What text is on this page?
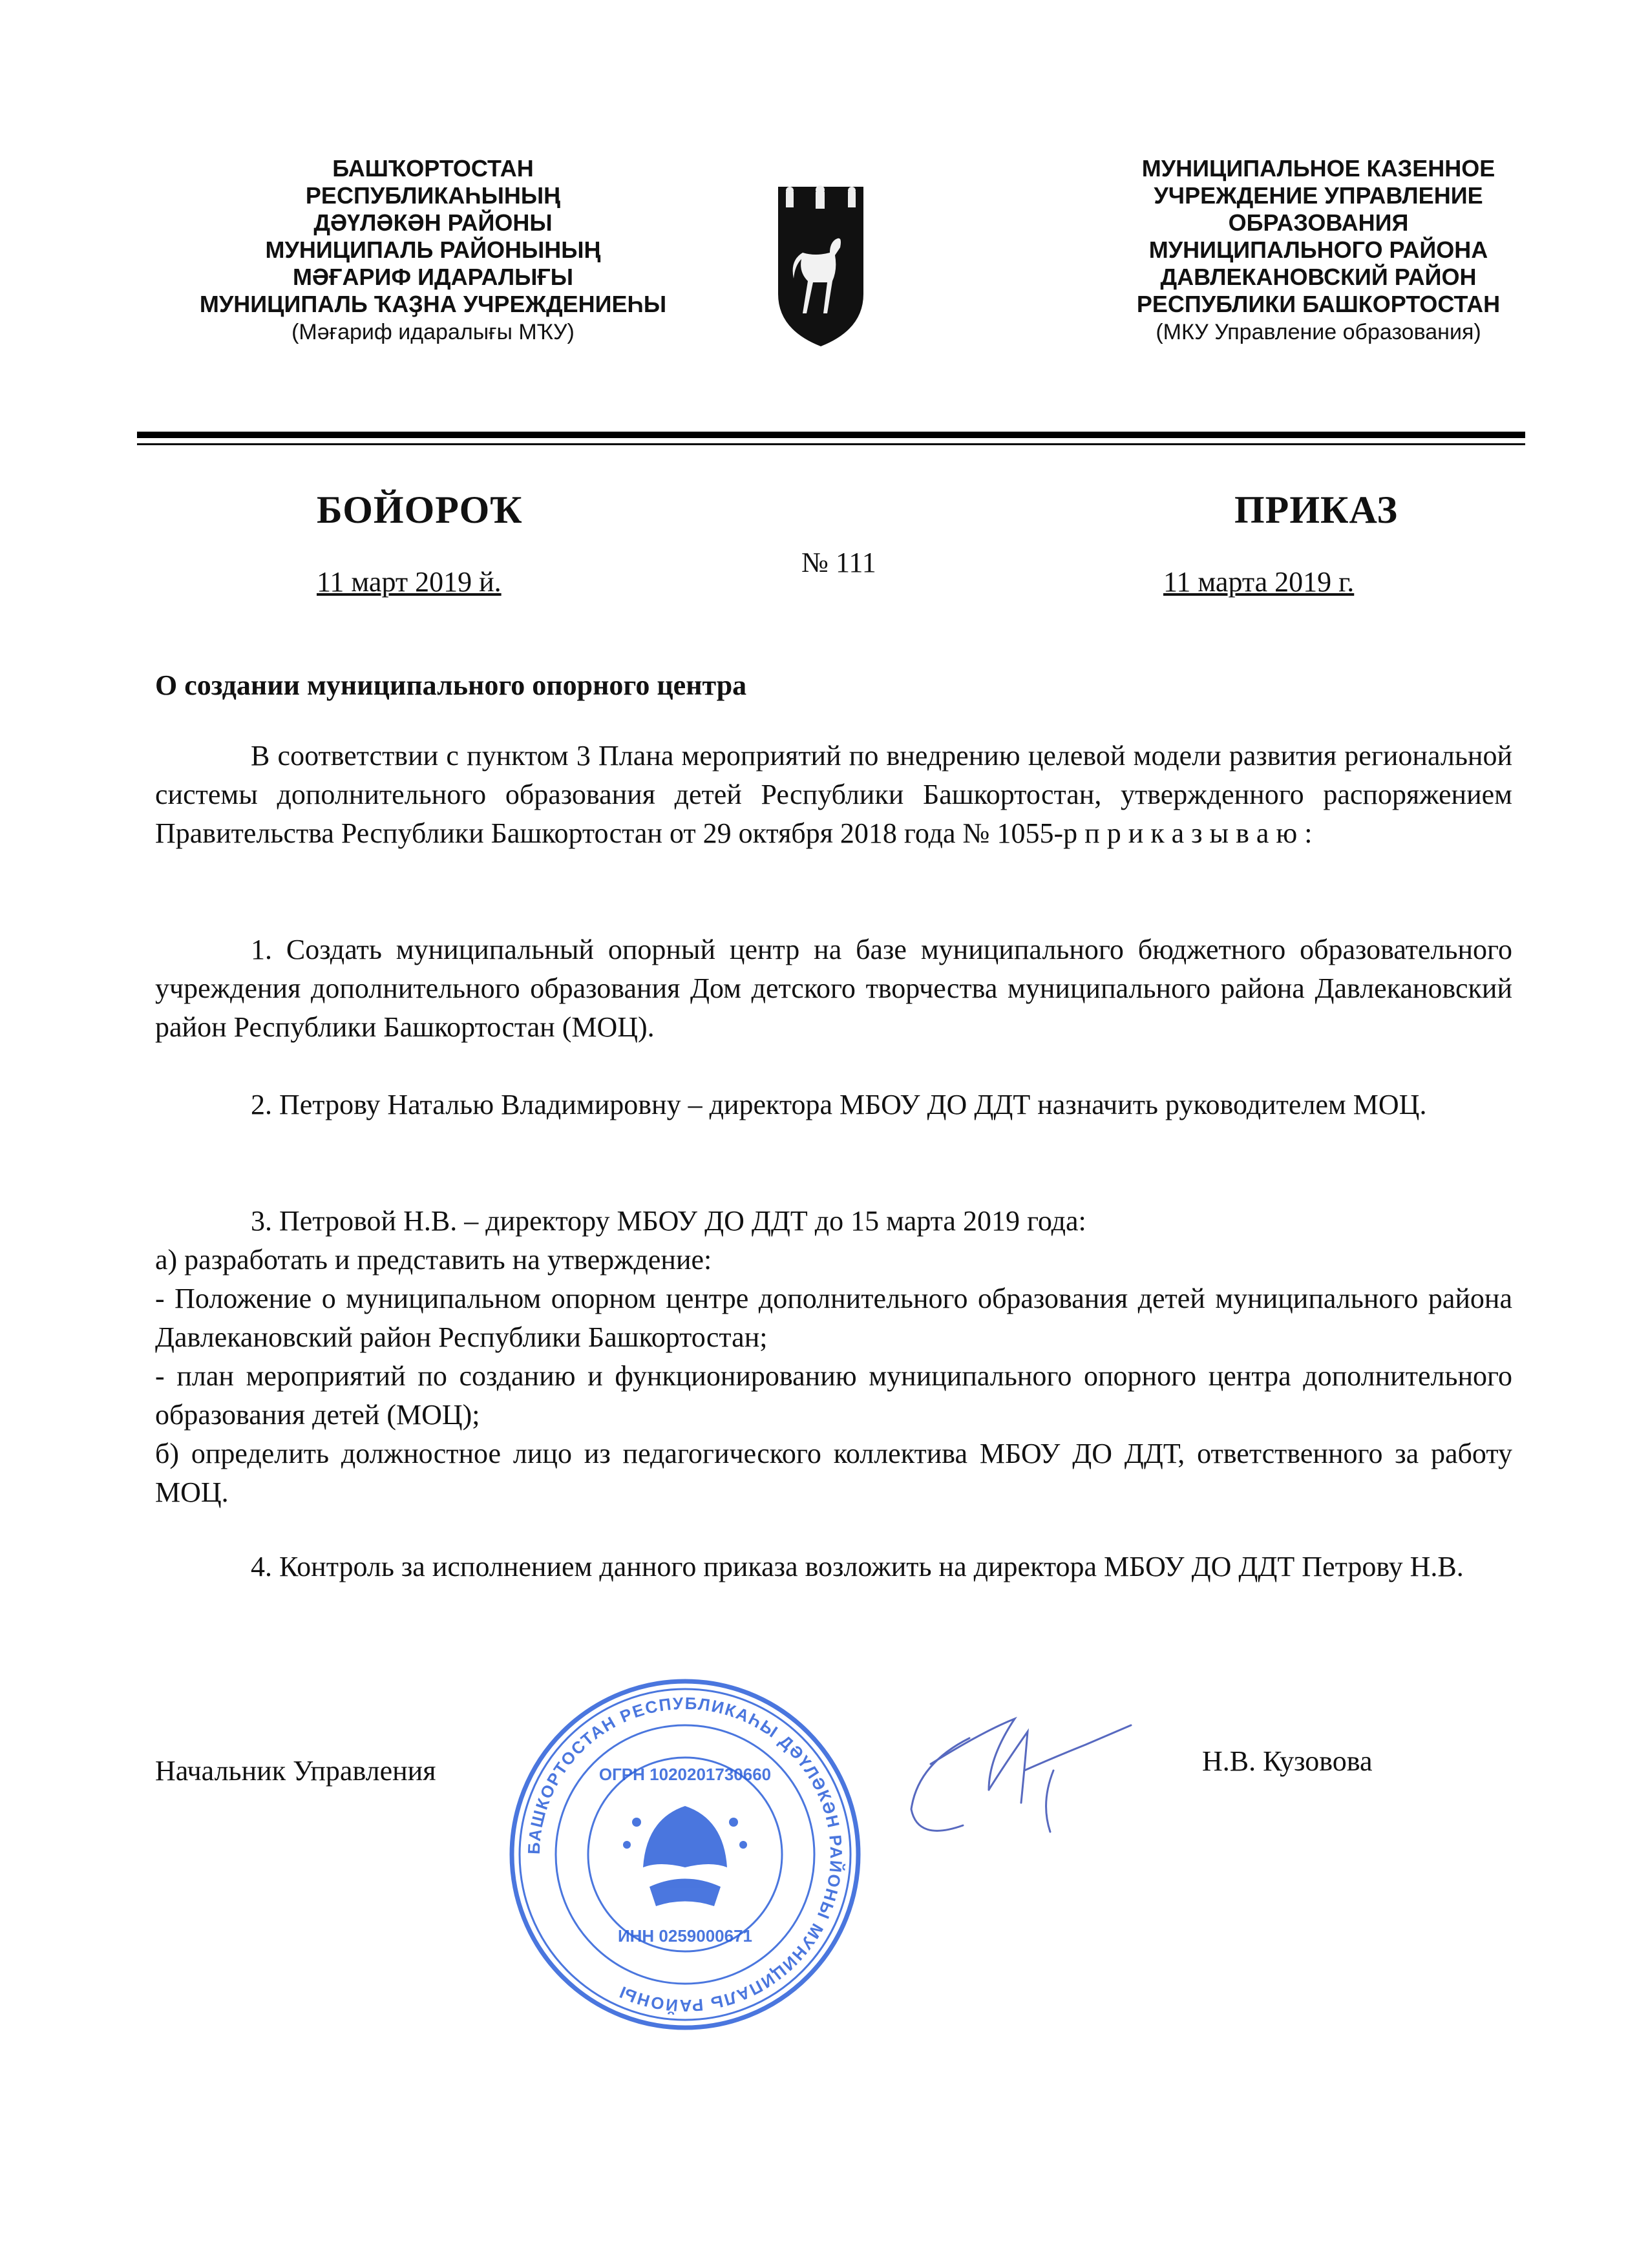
БАШҠОРТОСТАН
РЕСПУБЛИКАҺЫНЫҢ
ДӘҮЛӘКӘН РАЙОНЫ
МУНИЦИПАЛЬ РАЙОНЫНЫҢ
МӘҒАРИФ ИДАРАЛЫҒЫ
МУНИЦИПАЛЬ ҠАҘНА УЧРЕЖДЕНИЕҺЫ
(Мәғариф идаралығы МҠУ)
МУНИЦИПАЛЬНОЕ КАЗЕННОЕ
УЧРЕЖДЕНИЕ УПРАВЛЕНИЕ
ОБРАЗОВАНИЯ
МУНИЦИПАЛЬНОГО РАЙОНА
ДАВЛЕКАНОВСКИЙ РАЙОН
РЕСПУБЛИКИ БАШКОРТОСТАН
(МКУ Управление образования)
БОЙОРОҠ	ПРИКАЗ
11 март 2019 й.
№ 111
11 марта 2019 г.
О создании муниципального опорного центра
В соответствии с пунктом 3 Плана мероприятий по внедрению целевой модели развития региональной системы дополнительного образования детей Республики Башкортостан, утвержденного распоряжением Правительства Республики Башкортостан от 29 октября 2018 года № 1055-р п р и к а з ы в а ю :
1. Создать муниципальный опорный центр на базе муниципального бюджетного образовательного учреждения дополнительного образования Дом детского творчества муниципального района Давлекановский район Республики Башкортостан (МОЦ).
2. Петрову Наталью Владимировну – директора МБОУ ДО ДДТ назначить руководителем МОЦ.
3. Петровой Н.В. – директору МБОУ ДО ДДТ до 15 марта 2019 года:
а) разработать и представить на утверждение:
- Положение о муниципальном опорном центре дополнительного образования детей муниципального района Давлекановский район Республики Башкортостан;
- план мероприятий по созданию и функционированию муниципального опорного центра дополнительного образования детей (МОЦ);
б) определить должностное лицо из педагогического коллектива МБОУ ДО ДДТ, ответственного за работу МОЦ.
4. Контроль за исполнением данного приказа возложить на директора МБОУ ДО ДДТ Петрову Н.В.
Начальник Управления	Н.В. Кузовова
БАШКОРТОСТАН РЕСПУБЛИКАҺЫ ДӘҮЛӘКӘН РАЙОНЫ МУНИЦИПАЛЬ РАЙОНЫ
ОГРН 1020201730660
ИНН 0259000671
